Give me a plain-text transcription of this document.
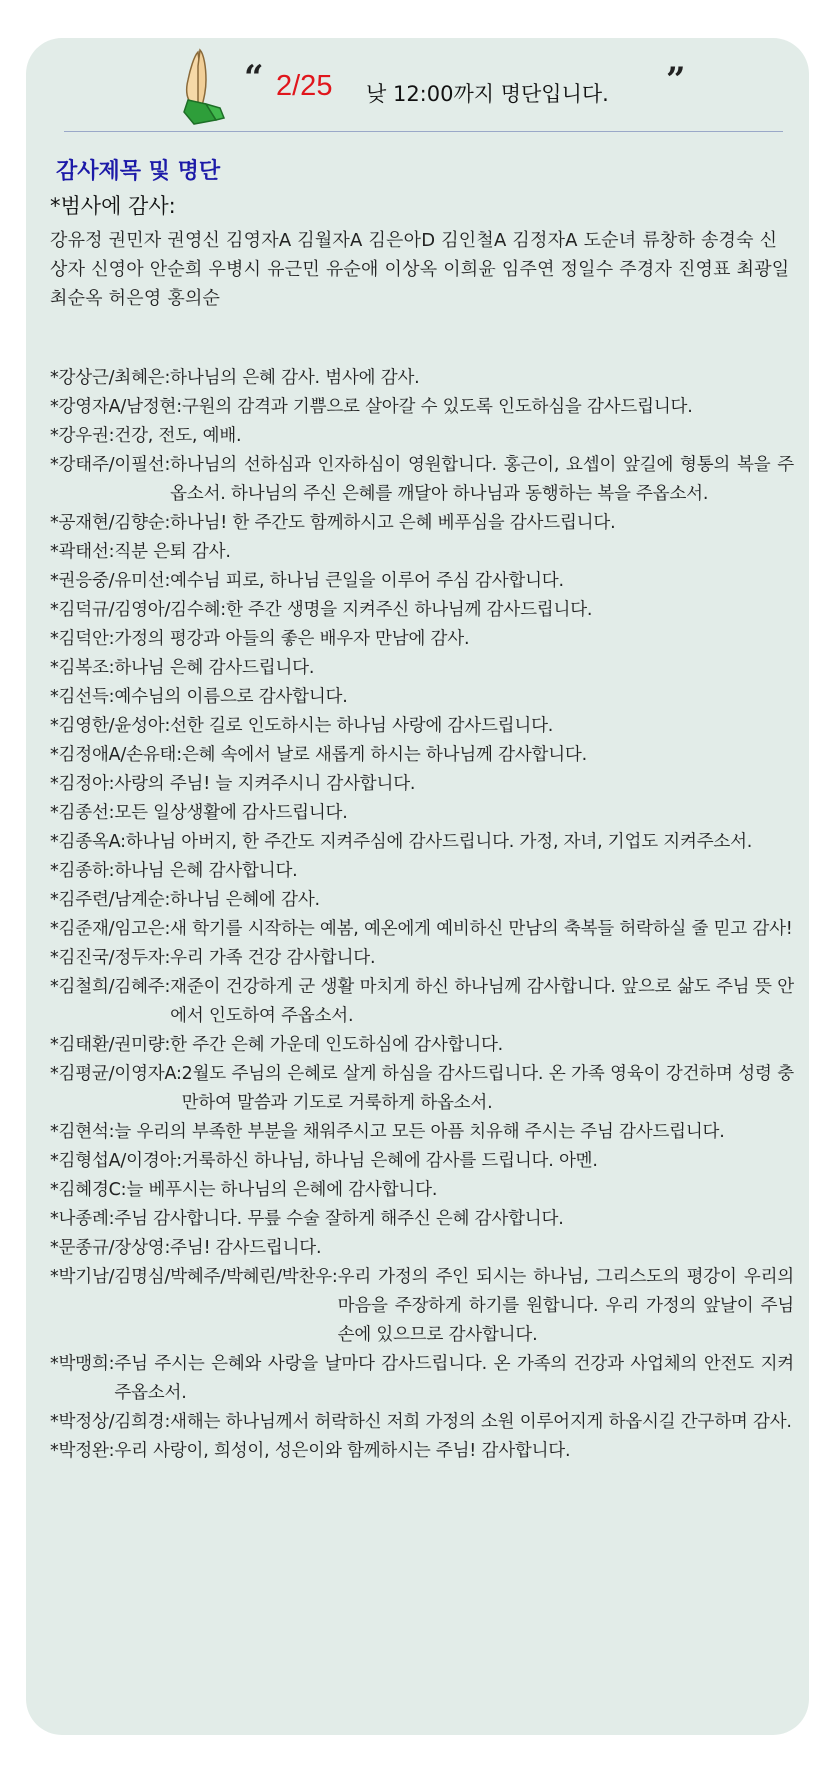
“ 2/25 낮 12:00까지 명단입니다. ”
감사제목 및 명단
*범사에 감사:
강유정 권민자 권영신 김영자A 김월자A 김은아D 김인철A 김정자A 도순녀 류창하 송경숙 신상자 신영아 안순희 우병시 유근민 유순애 이상옥 이희윤 임주연 정일수 주경자 진영표 최광일 최순옥 허은영 홍의순
*강상근/최혜은: 하나님의 은혜 감사. 범사에 감사.
*강영자A/남정현: 구원의 감격과 기쁨으로 살아갈 수 있도록 인도하심을 감사드립니다.
*강우권: 건강, 전도, 예배.
*강태주/이필선: 하나님의 선하심과 인자하심이 영원합니다. 홍근이, 요셉이 앞길에 형통의 복을 주옵소서. 하나님의 주신 은혜를 깨달아 하나님과 동행하는 복을 주옵소서.
*공재현/김향순: 하나님! 한 주간도 함께하시고 은혜 베푸심을 감사드립니다.
*곽태선: 직분 은퇴 감사.
*권응중/유미선: 예수님 피로, 하나님 큰일을 이루어 주심 감사합니다.
*김덕규/김영아/김수혜: 한 주간 생명을 지켜주신 하나님께 감사드립니다.
*김덕안: 가정의 평강과 아들의 좋은 배우자 만남에 감사.
*김복조: 하나님 은혜 감사드립니다.
*김선득: 예수님의 이름으로 감사합니다.
*김영한/윤성아: 선한 길로 인도하시는 하나님 사랑에 감사드립니다.
*김정애A/손유태: 은혜 속에서 날로 새롭게 하시는 하나님께 감사합니다.
*김정아: 사랑의 주님! 늘 지켜주시니 감사합니다.
*김종선: 모든 일상생활에 감사드립니다.
*김종옥A: 하나님 아버지, 한 주간도 지켜주심에 감사드립니다. 가정, 자녀, 기업도 지켜주소서.
*김종하: 하나님 은혜 감사합니다.
*김주련/남계순: 하나님 은혜에 감사.
*김준재/임고은: 새 학기를 시작하는 예봄, 예온에게 예비하신 만남의 축복들 허락하실 줄 믿고 감사!
*김진국/정두자: 우리 가족 건강 감사합니다.
*김철희/김혜주: 재준이 건강하게 군 생활 마치게 하신 하나님께 감사합니다. 앞으로 삶도 주님 뜻 안에서 인도하여 주옵소서.
*김태환/권미량: 한 주간 은혜 가운데 인도하심에 감사합니다.
*김평균/이영자A: 2월도 주님의 은혜로 살게 하심을 감사드립니다. 온 가족 영육이 강건하며 성령 충만하여 말씀과 기도로 거룩하게 하옵소서.
*김현석: 늘 우리의 부족한 부분을 채워주시고 모든 아픔 치유해 주시는 주님 감사드립니다.
*김형섭A/이경아: 거룩하신 하나님, 하나님 은혜에 감사를 드립니다. 아멘.
*김혜경C: 늘 베푸시는 하나님의 은혜에 감사합니다.
*나종례: 주님 감사합니다. 무릎 수술 잘하게 해주신 은혜 감사합니다.
*문종규/장상영: 주님! 감사드립니다.
*박기남/김명심/박혜주/박혜린/박찬우: 우리 가정의 주인 되시는 하나님, 그리스도의 평강이 우리의 마음을 주장하게 하기를 원합니다. 우리 가정의 앞날이 주님 손에 있으므로 감사합니다.
*박맹희: 주님 주시는 은혜와 사랑을 날마다 감사드립니다. 온 가족의 건강과 사업체의 안전도 지켜주옵소서.
*박정상/김희경: 새해는 하나님께서 허락하신 저희 가정의 소원 이루어지게 하옵시길 간구하며 감사.
*박정완: 우리 사랑이, 희성이, 성은이와 함께하시는 주님! 감사합니다.
